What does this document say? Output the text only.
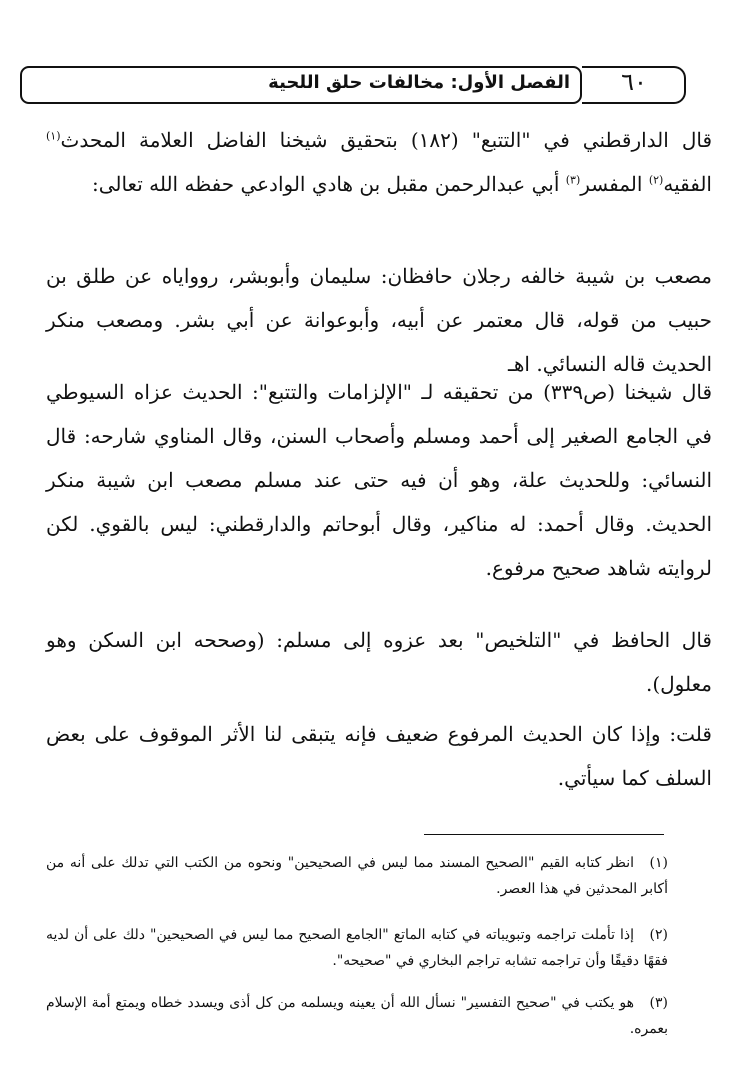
الفصل الأول: مخالفات حلق اللحية	٦٠

قال الدارقطني في "التتبع" (١٨٢) بتحقيق شيخنا الفاضل العلامة المحدث$^{(١)}$ الفقيه$^{(٢)}$ المفسر$^{(٣)}$ أبي عبدالرحمن مقبل بن هادي الوادعي حفظه الله تعالى:

مصعب بن شيبة خالفه رجلان حافظان: سليمان وأبوبشر، روواياه عن طلق بن حبيب من قوله، قال معتمر عن أبيه، وأبوعوانة عن أبي بشر. ومصعب منكر الحديث قاله النسائي. اهـ

قال شيخنا (ص٣٣٩) من تحقيقه لـ "الإلزامات والتتبع": الحديث عزاه السيوطي في الجامع الصغير إلى أحمد ومسلم وأصحاب السنن، وقال المناوي شارحه: قال النسائي: وللحديث علة، وهو أن فيه حتى عند مسلم مصعب ابن شيبة منكر الحديث. وقال أحمد: له مناكير، وقال أبوحاتم والدارقطني: ليس بالقوي. لكن لروايته شاهد صحيح مرفوع.

قال الحافظ في "التلخيص" بعد عزوه إلى مسلم: (وصححه ابن السكن وهو معلول).

قلت: وإذا كان الحديث المرفوع ضعيف فإنه يتبقى لنا الأثر الموقوف على بعض السلف كما سيأتي.

(١)انظر كتابه القيم "الصحيح المسند مما ليس في الصحيحين" ونحوه من الكتب التي تدلك على أنه من أكابر المحدثين في هذا العصر.

(٢)إذا تأملت تراجمه وتبويباته في كتابه الماتع "الجامع الصحيح مما ليس في الصحيحين" دلك على أن لديه فقهًا دقيقًا وأن تراجمه تشابه تراجم البخاري في "صحيحه".

(٣)هو يكتب في "صحيح التفسير" نسأل الله أن يعينه ويسلمه من كل أذى ويسدد خطاه ويمتع أمة الإسلام بعمره.
